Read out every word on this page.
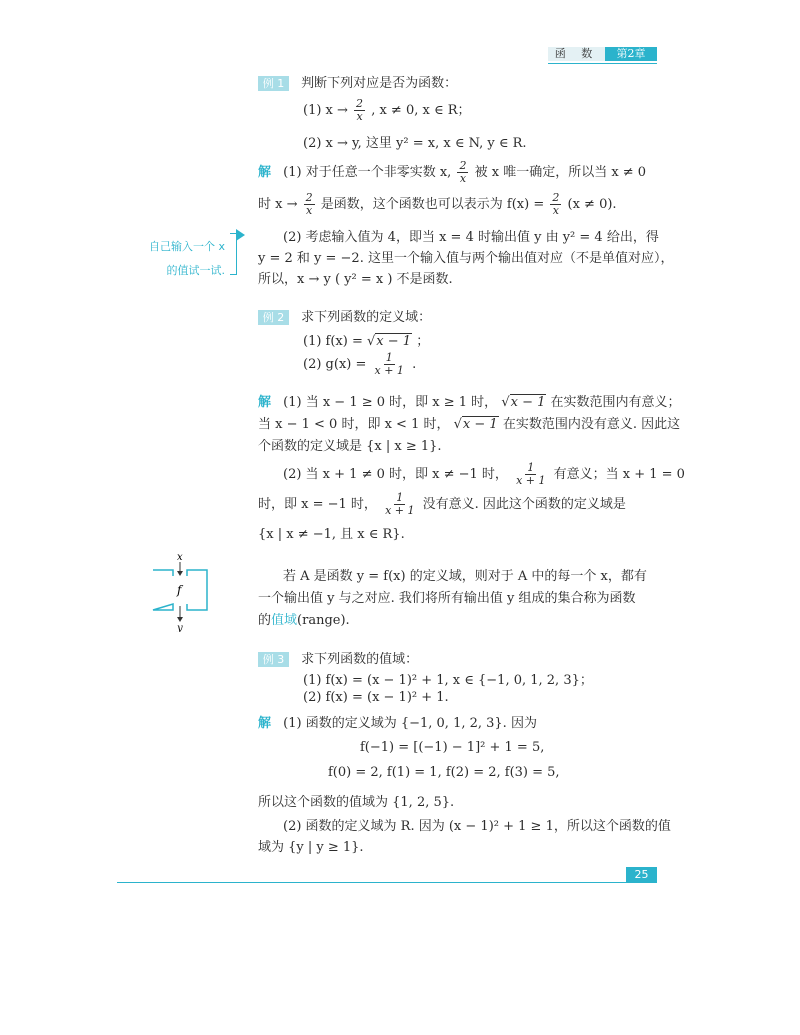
函 数	第2章
例 1 判断下列对应是否为函数：
(1) $x \to \frac{2}{x}$ , x ≠ 0, x ∈ R；
(2) x → y, 这里 y² = x, x ∈ N, y ∈ R.
解 (1) 对于任意一个非零实数 x, $\frac{2}{x}$ 被 x 唯一确定，所以当 x ≠ 0
时 $x \to \frac{2}{x}$ 是函数，这个函数也可以表示为 $f(x) = \frac{2}{x} (x \ne 0)$.
(2) 考虑输入值为 4，即当 x = 4 时输出值 y 由 y² = 4 给出，得
y = 2 和 y = −2. 这里一个输入值与两个输出值对应（不是单值对应），
所以，x → y ( y² = x ) 不是函数.
自己输入一个 x
的值试一试.
例 2 求下列函数的定义域：
(1) f(x) = √x − 1 ；
(2) $g(x) = \frac{1}{x + 1}$ .
解 (1) 当 x − 1 ≥ 0 时，即 x ≥ 1 时， √x − 1 在实数范围内有意义；
当 x − 1 < 0 时，即 x < 1 时， √x − 1 在实数范围内没有意义. 因此这
个函数的定义域是 {x | x ≥ 1}.
(2) 当 x + 1 ≠ 0 时，即 x ≠ −1 时， $\frac{1}{x + 1}$ 有意义；当 x + 1 = 0
时，即 x = −1 时， $\frac{1}{x + 1}$ 没有意义. 因此这个函数的定义域是
{x | x ≠ −1, 且 x ∈ R}.
x
f
y
若 A 是函数 y = f(x) 的定义域，则对于 A 中的每一个 x，都有
一个输出值 y 与之对应. 我们将所有输出值 y 组成的集合称为函数
的值域(range).
例 3 求下列函数的值域：
(1) f(x) = (x − 1)² + 1, x ∈ {−1, 0, 1, 2, 3}；
(2) f(x) = (x − 1)² + 1.
解 (1) 函数的定义域为 {−1, 0, 1, 2, 3}. 因为
f(−1) = [(−1) − 1]² + 1 = 5,
f(0) = 2, f(1) = 1, f(2) = 2, f(3) = 5,
所以这个函数的值域为 {1, 2, 5}.
(2) 函数的定义域为 R. 因为 (x − 1)² + 1 ≥ 1，所以这个函数的值
域为 {y | y ≥ 1}.
25
